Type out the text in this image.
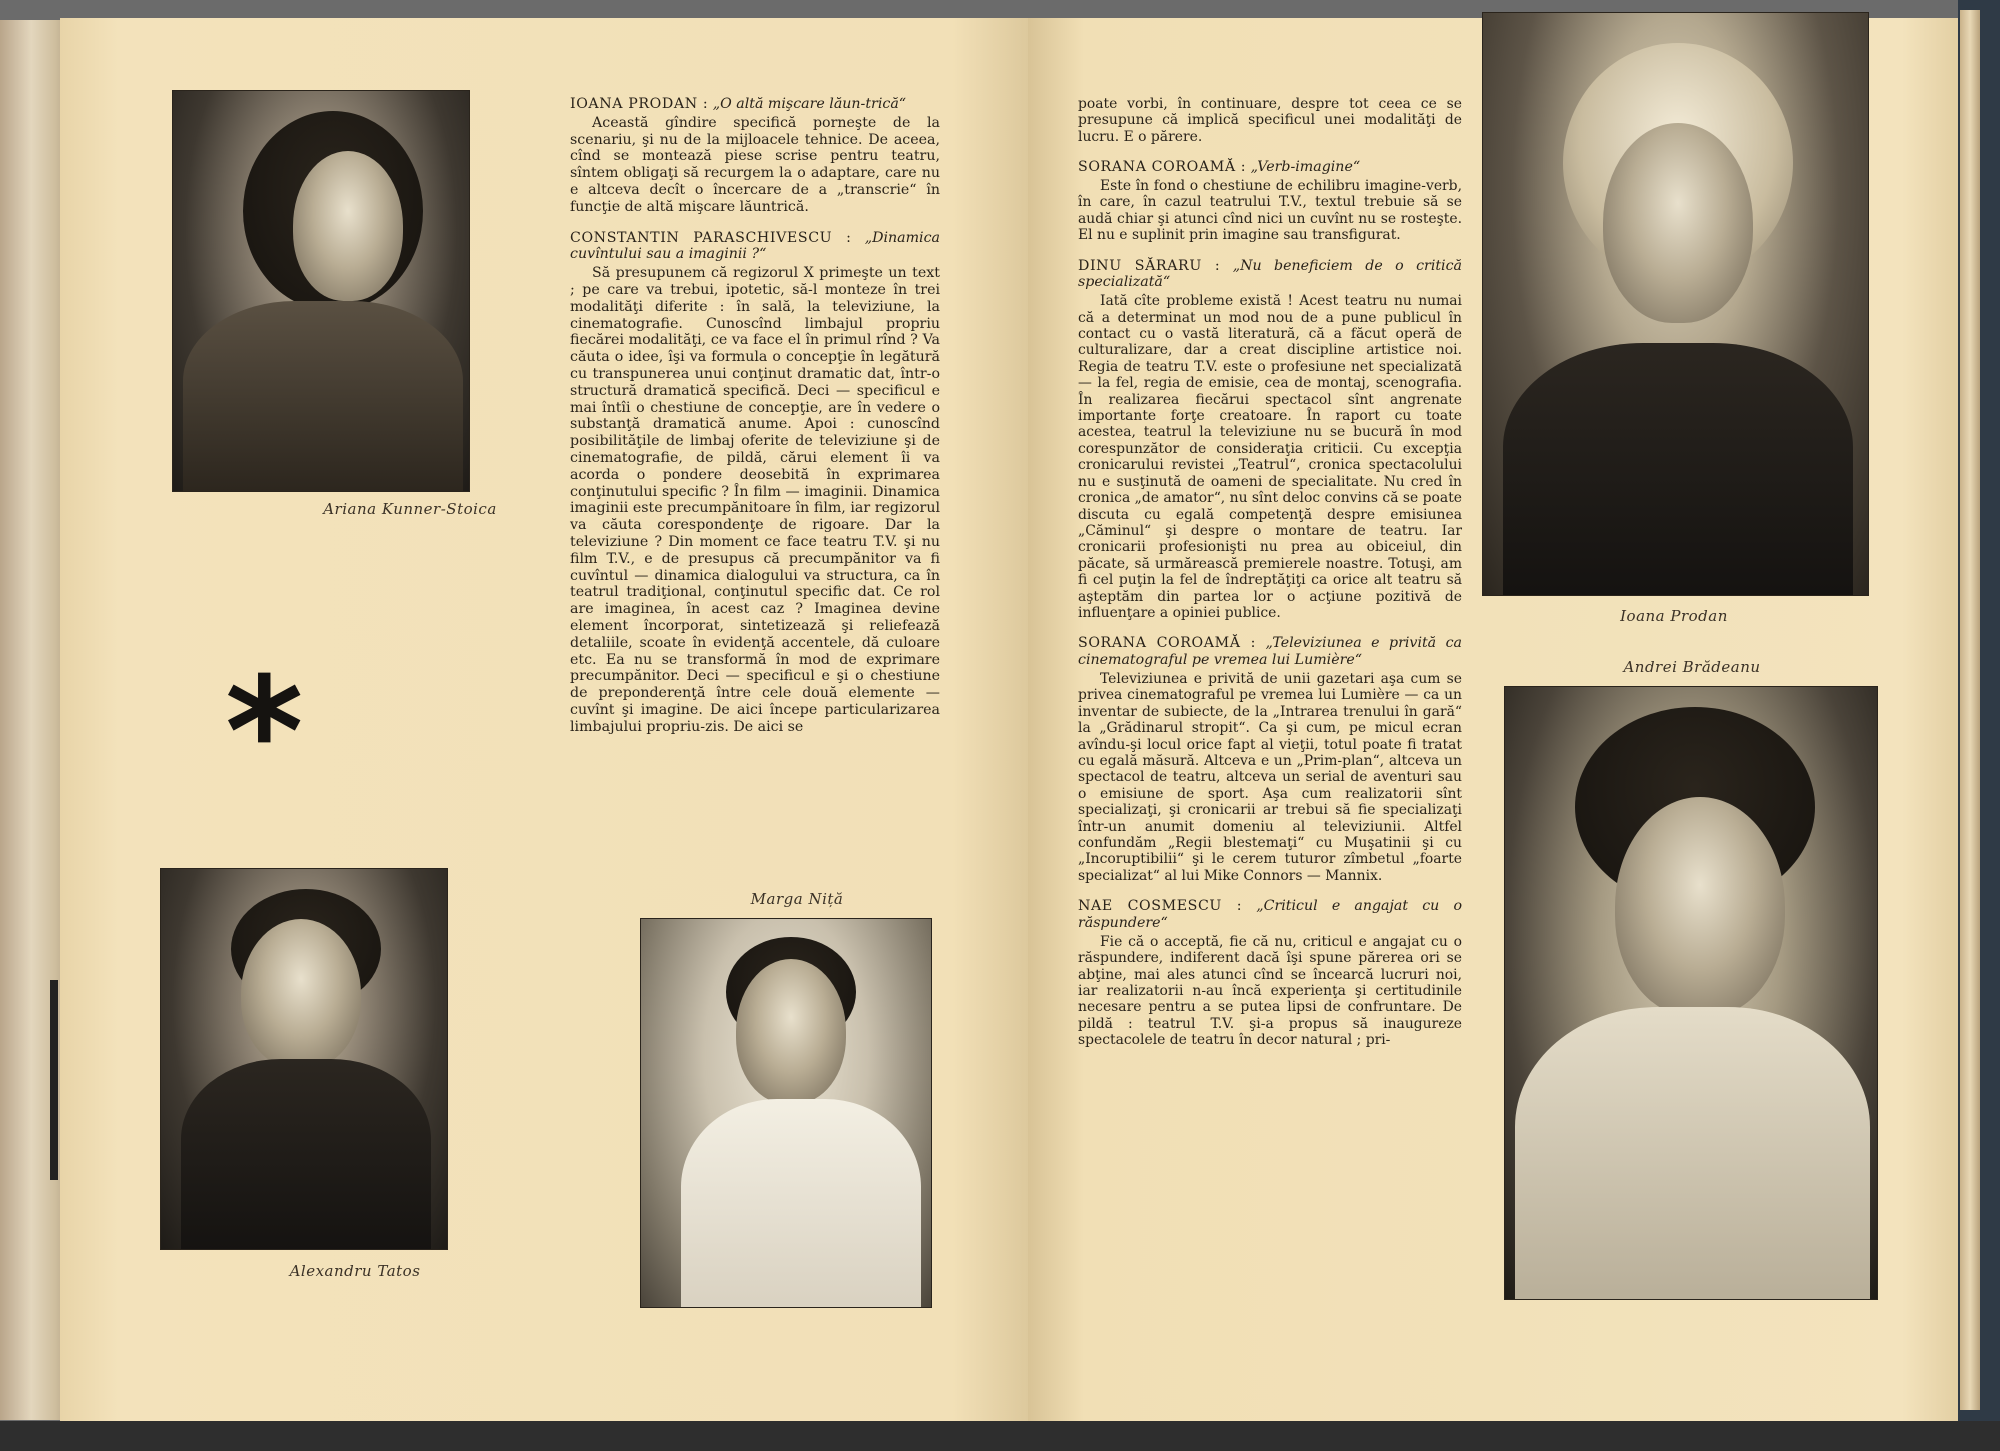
Ariana Kunner-Stoica
*
Alexandru Tatos
Marga Niță
IOANA PRODAN : „O altă mişcare lăun-trică“

Această gîndire specifică porneşte de la scenariu, şi nu de la mijloacele tehnice. De aceea, cînd se montează piese scrise pentru teatru, sîntem obligaţi să recurgem la o adaptare, care nu e altceva decît o încercare de a „transcrie“ în funcţie de altă mişcare lăuntrică.

CONSTANTIN PARASCHIVESCU : „Dinamica cuvîntului sau a imaginii ?“

Să presupunem că regizorul X primeşte un text ; pe care va trebui, ipotetic, să-l monteze în trei modalităţi diferite : în sală, la televiziune, la cinematografie. Cunoscînd limbajul propriu fiecărei modalităţi, ce va face el în primul rînd ? Va căuta o idee, îşi va formula o concepţie în legătură cu transpunerea unui conţinut dramatic dat, într-o structură dramatică specifică. Deci — specificul e mai întîi o chestiune de concepţie, are în vedere o substanţă dramatică anume. Apoi : cunoscînd posibilităţile de limbaj oferite de televiziune şi de cinematografie, de pildă, cărui element îi va acorda o pondere deosebită în exprimarea conţinutului specific ? În film — imaginii. Dinamica imaginii este precumpănitoare în film, iar regizorul va căuta corespondenţe de rigoare. Dar la televiziune ? Din moment ce face teatru T.V. şi nu film T.V., e de presupus că precumpănitor va fi cuvîntul — dinamica dialogului va structura, ca în teatrul tradiţional, conţinutul specific dat. Ce rol are imaginea, în acest caz ? Imaginea devine element încorporat, sintetizează şi reliefează detaliile, scoate în evidenţă accentele, dă culoare etc. Ea nu se transformă în mod de exprimare precumpănitor. Deci — specificul e şi o chestiune de preponderenţă între cele două elemente — cuvînt şi imagine. De aici începe particularizarea limbajului propriu-zis. De aici se

poate vorbi, în continuare, despre tot ceea ce se presupune că implică specificul unei modalităţi de lucru. E o părere.

SORANA COROAMĂ : „Verb-imagine“

Este în fond o chestiune de echilibru imagine-verb, în care, în cazul teatrului T.V., textul trebuie să se audă chiar şi atunci cînd nici un cuvînt nu se rosteşte. El nu e suplinit prin imagine sau transfigurat.

DINU SĂRARU : „Nu beneficiem de o critică specializată“

Iată cîte probleme există ! Acest teatru nu numai că a determinat un mod nou de a pune publicul în contact cu o vastă literatură, că a făcut operă de culturalizare, dar a creat discipline artistice noi. Regia de teatru T.V. este o profesiune net specializată — la fel, regia de emisie, cea de montaj, scenografia. În realizarea fiecărui spectacol sînt angrenate importante forţe creatoare. În raport cu toate acestea, teatrul la televiziune nu se bucură în mod corespunzător de consideraţia criticii. Cu excepţia cronicarului revistei „Teatrul“, cronica spectacolului nu e susţinută de oameni de specialitate. Nu cred în cronica „de amator“, nu sînt deloc convins că se poate discuta cu egală competenţă despre emisiunea „Căminul“ şi despre o montare de teatru. Iar cronicarii profesionişti nu prea au obiceiul, din păcate, să urmărească premierele noastre. Totuşi, am fi cel puţin la fel de îndreptăţiţi ca orice alt teatru să aşteptăm din partea lor o acţiune pozitivă de influenţare a opiniei publice.

SORANA COROAMĂ : „Televiziunea e privită ca cinematograful pe vremea lui Lumière“

Televiziunea e privită de unii gazetari aşa cum se privea cinematograful pe vremea lui Lumière — ca un inventar de subiecte, de la „Intrarea trenului în gară“ la „Grădinarul stropit“. Ca şi cum, pe micul ecran avîndu-şi locul orice fapt al vieţii, totul poate fi tratat cu egală măsură. Altceva e un „Prim-plan“, altceva un spectacol de teatru, altceva un serial de aventuri sau o emisiune de sport. Aşa cum realizatorii sînt specializaţi, şi cronicarii ar trebui să fie specializaţi într-un anumit domeniu al televiziunii. Altfel confundăm „Regii blestemaţi“ cu Muşatinii şi cu „Incoruptibilii“ şi le cerem tuturor zîmbetul „foarte specializat“ al lui Mike Connors — Mannix.

NAE COSMESCU : „Criticul e angajat cu o răspundere“

Fie că o acceptă, fie că nu, criticul e angajat cu o răspundere, indiferent dacă îşi spune părerea ori se abţine, mai ales atunci cînd se încearcă lucruri noi, iar realizatorii n-au încă experienţa şi certitudinile necesare pentru a se putea lipsi de confruntare. De pildă : teatrul T.V. şi-a propus să inaugureze spectacolele de teatru în decor natural ; pri-

Ioana Prodan
Andrei Brădeanu
